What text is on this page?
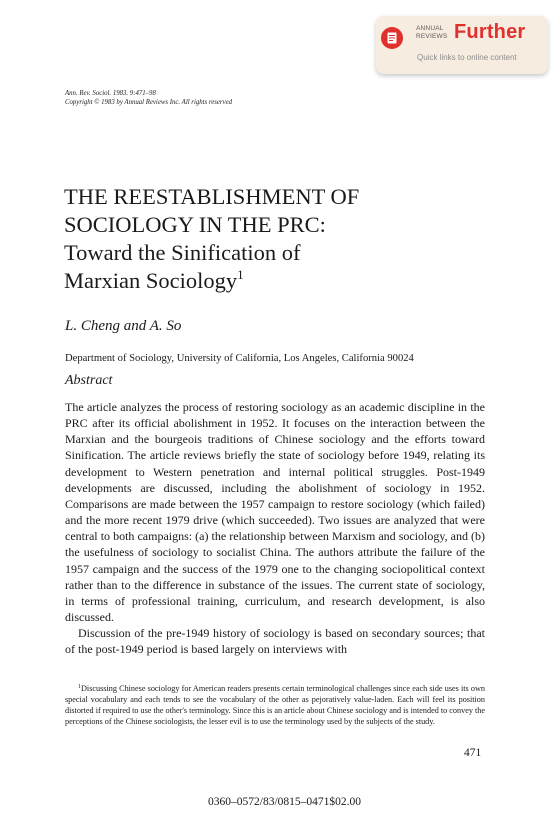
ANNUAL
REVIEWS Further
Quick links to online content
Ann. Rev. Sociol. 1983. 9:471–98
Copyright © 1983 by Annual Reviews Inc. All rights reserved
THE REESTABLISHMENT OF
SOCIOLOGY IN THE PRC:
Toward the Sinification of
Marxian Sociology$^1$
L. Cheng and A. So
Department of Sociology, University of California, Los Angeles, California 90024
Abstract

The article analyzes the process of restoring sociology as an academic discipline in the PRC after its official abolishment in 1952. It focuses on the interaction between the Marxian and the bourgeois traditions of Chinese sociology and the efforts toward Sinification. The article reviews briefly the state of sociology before 1949, relating its development to Western penetration and internal political struggles. Post-1949 developments are discussed, including the abolishment of sociology in 1952. Comparisons are made between the 1957 campaign to restore sociology (which failed) and the more recent 1979 drive (which succeeded). Two issues are analyzed that were central to both campaigns: (a) the relationship between Marxism and sociology, and (b) the usefulness of sociology to socialist China. The authors attribute the failure of the 1957 campaign and the success of the 1979 one to the changing sociopolitical context rather than to the difference in substance of the issues. The current state of sociology, in terms of professional training, curriculum, and research development, is also discussed.

Discussion of the pre-1949 history of sociology is based on secondary sources; that of the post-1949 period is based largely on interviews with

$^1$Discussing Chinese sociology for American readers presents certain terminological challenges since each side uses its own special vocabulary and each tends to see the vocabulary of the other as pejoratively value-laden. Each will feel its position distorted if required to use the other's terminology. Since this is an article about Chinese sociology and is intended to convey the perceptions of the Chinese sociologists, the lesser evil is to use the terminology used by the subjects of the study.

471
0360–0572/83/0815–0471$02.00
